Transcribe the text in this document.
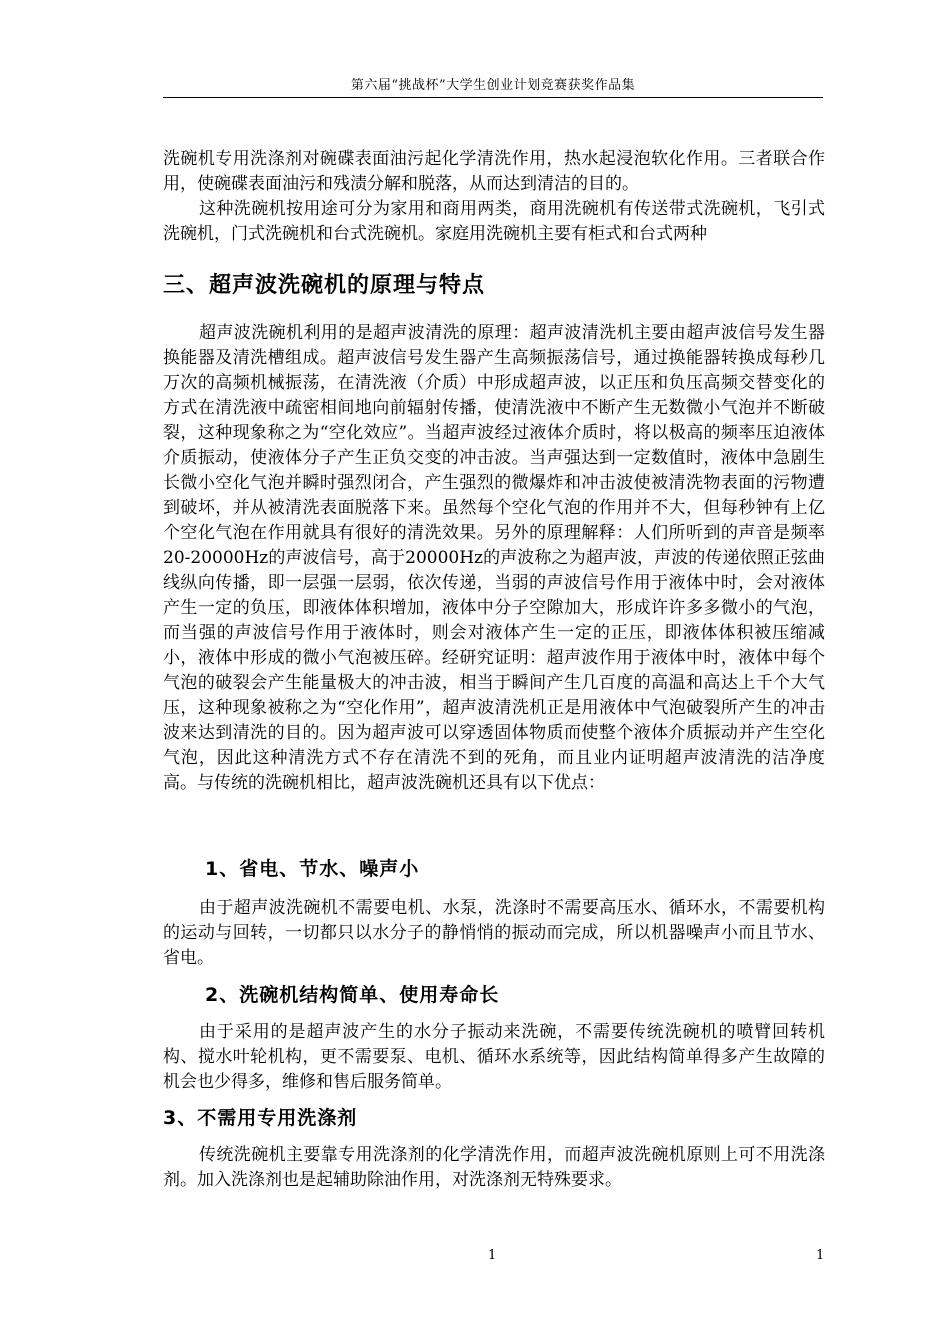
第六届“挑战杯”大学生创业计划竞赛获奖作品集

洗碗机专用洗涤剂对碗碟表面油污起化学清洗作用，热水起浸泡软化作用。三者联合作用，使碗碟表面油污和残渍分解和脱落，从而达到清洁的目的。

这种洗碗机按用途可分为家用和商用两类，商用洗碗机有传送带式洗碗机，飞引式洗碗机，门式洗碗机和台式洗碗机。家庭用洗碗机主要有柜式和台式两种

三、超声波洗碗机的原理与特点

超声波洗碗机利用的是超声波清洗的原理：超声波清洗机主要由超声波信号发生器换能器及清洗槽组成。超声波信号发生器产生高频振荡信号，通过换能器转换成每秒几万次的高频机械振荡，在清洗液（介质）中形成超声波，以正压和负压高频交替变化的方式在清洗液中疏密相间地向前辐射传播，使清洗液中不断产生无数微小气泡并不断破裂，这种现象称之为“空化效应”。当超声波经过液体介质时，将以极高的频率压迫液体介质振动，使液体分子产生正负交变的冲击波。当声强达到一定数值时，液体中急剧生长微小空化气泡并瞬时强烈闭合，产生强烈的微爆炸和冲击波使被清洗物表面的污物遭到破坏，并从被清洗表面脱落下来。虽然每个空化气泡的作用并不大，但每秒钟有上亿个空化气泡在作用就具有很好的清洗效果。另外的原理解释：人们所听到的声音是频率20-20000Hz的声波信号，高于20000Hz的声波称之为超声波，声波的传递依照正弦曲线纵向传播，即一层强一层弱，依次传递，当弱的声波信号作用于液体中时，会对液体产生一定的负压，即液体体积增加，液体中分子空隙加大，形成许许多多微小的气泡，而当强的声波信号作用于液体时，则会对液体产生一定的正压，即液体体积被压缩减小，液体中形成的微小气泡被压碎。经研究证明：超声波作用于液体中时，液体中每个气泡的破裂会产生能量极大的冲击波，相当于瞬间产生几百度的高温和高达上千个大气压，这种现象被称之为“空化作用”，超声波清洗机正是用液体中气泡破裂所产生的冲击波来达到清洗的目的。因为超声波可以穿透固体物质而使整个液体介质振动并产生空化气泡，因此这种清洗方式不存在清洗不到的死角，而且业内证明超声波清洗的洁净度高。与传统的洗碗机相比，超声波洗碗机还具有以下优点：

1、省电、节水、噪声小

由于超声波洗碗机不需要电机、水泵，洗涤时不需要高压水、循环水，不需要机构的运动与回转，一切都只以水分子的静悄悄的振动而完成，所以机器噪声小而且节水、省电。

2、洗碗机结构简单、使用寿命长

由于采用的是超声波产生的水分子振动来洗碗，不需要传统洗碗机的喷臂回转机构、搅水叶轮机构，更不需要泵、电机、循环水系统等，因此结构简单得多产生故障的机会也少得多，维修和售后服务简单。

3、不需用专用洗涤剂

传统洗碗机主要靠专用洗涤剂的化学清洗作用，而超声波洗碗机原则上可不用洗涤剂。加入洗涤剂也是起辅助除油作用，对洗涤剂无特殊要求。

1	1
